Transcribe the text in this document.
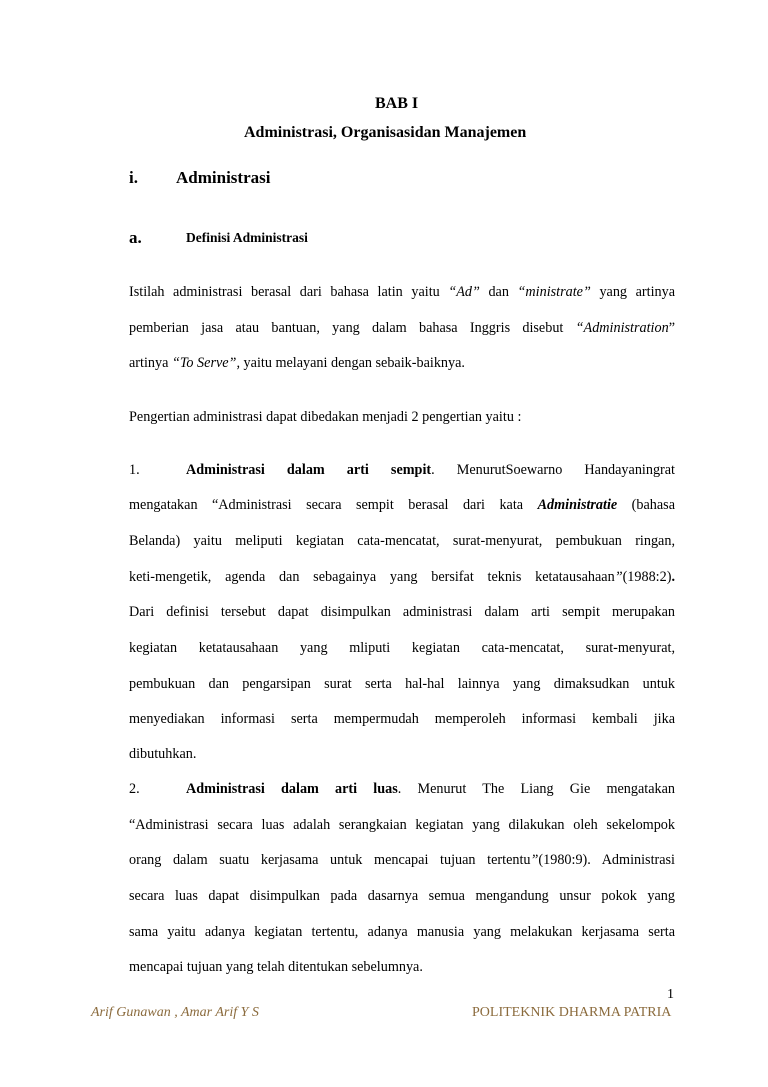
BAB I
Administrasi, Organisasidan Manajemen
i. Administrasi
a.	Definisi Administrasi
Istilah administrasi berasal dari bahasa latin yaitu “Ad” dan “ministrate” yang artinya
pemberian jasa atau bantuan, yang dalam bahasa Inggris disebut “Administration”
artinya “To Serve”, yaitu melayani dengan sebaik-baiknya.
Pengertian administrasi dapat dibedakan menjadi 2 pengertian yaitu :
1.	Administrasi dalam arti sempit. MenurutSoewarno Handayaningrat
mengatakan “Administrasi secara sempit berasal dari kata Administratie (bahasa
Belanda) yaitu meliputi kegiatan cata-mencatat, surat-menyurat, pembukuan ringan,
keti-mengetik, agenda dan sebagainya yang bersifat teknis ketatausahaan”(1988:2).
Dari definisi tersebut dapat disimpulkan administrasi dalam arti sempit merupakan
kegiatan ketatausahaan yang mliputi kegiatan cata-mencatat, surat-menyurat,
pembukuan dan pengarsipan surat serta hal-hal lainnya yang dimaksudkan untuk
menyediakan informasi serta mempermudah memperoleh informasi kembali jika
dibutuhkan.
2.	Administrasi dalam arti luas. Menurut The Liang Gie mengatakan
“Administrasi secara luas adalah serangkaian kegiatan yang dilakukan oleh sekelompok
orang dalam suatu kerjasama untuk mencapai tujuan tertentu”(1980:9). Administrasi
secara luas dapat disimpulkan pada dasarnya semua mengandung unsur pokok yang
sama yaitu adanya kegiatan tertentu, adanya manusia yang melakukan kerjasama serta
mencapai tujuan yang telah ditentukan sebelumnya.
1
Arif Gunawan , Amar Arif Y S	POLITEKNIK DHARMA PATRIA
